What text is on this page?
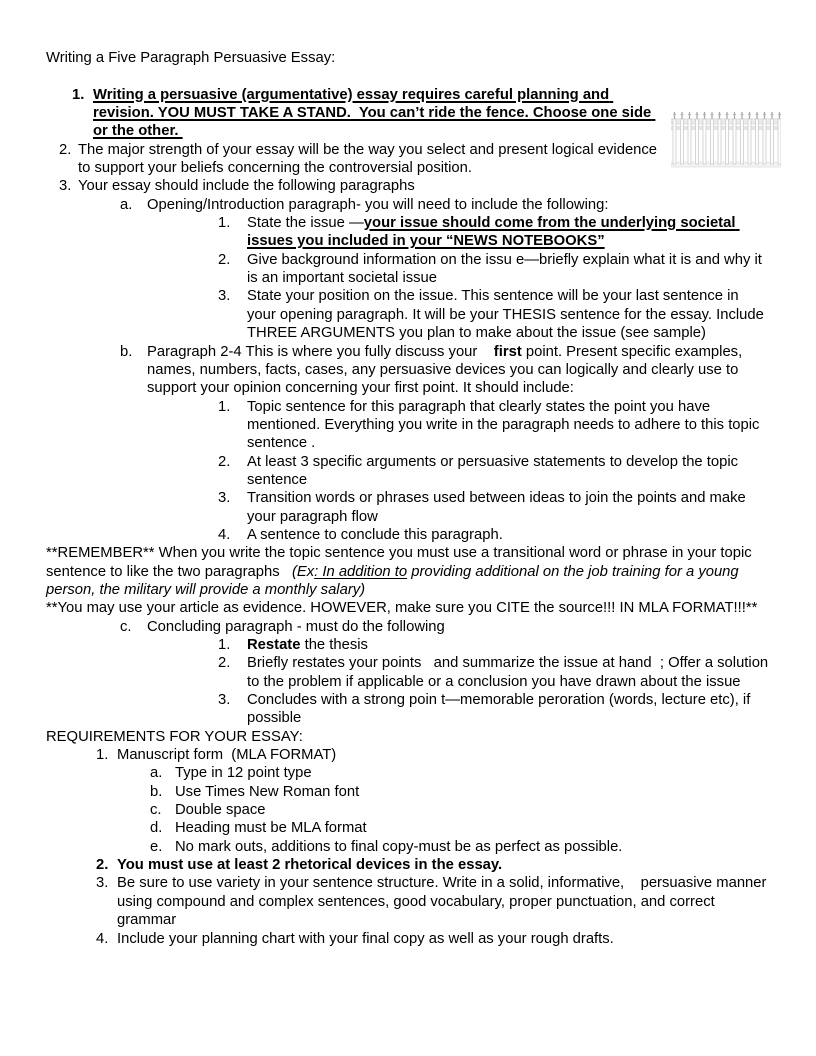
Writing a Five Paragraph Persuasive Essay:

1. Writing a persuasive (argumentative) essay requires careful planning and revision. YOU MUST TAKE A STAND.  You can’t ride the fence. Choose one side or the other.
2. The major strength of your essay will be the way you select and present logical evidence to support your beliefs concerning the controversial position.
3. Your essay should include the following paragraphs
a. Opening/Introduction paragraph- you will need to include the following:
1.	State the issue —your issue should come from the underlying societal issues you included in your “NEWS NOTEBOOKS”
2.	Give background information on the issu e—briefly explain what it is and why it is an important societal issue
3.	State your position on the issue. This sentence will be your last sentence in your opening paragraph. It will be your THESIS sentence for the essay. Include THREE ARGUMENTS you plan to make about the issue (see sample)
b. Paragraph 2-4 This is where you fully discuss your    first point. Present specific examples, names, numbers, facts, cases, any persuasive devices you can logically and clearly use to support your opinion concerning your first point. It should include:
1.	Topic sentence for this paragraph that clearly states the point you have mentioned. Everything you write in the paragraph needs to adhere to this topic sentence .
2.	At least 3 specific arguments or persuasive statements to develop the topic sentence
3.	Transition words or phrases used between ideas to join the points and make your paragraph flow
4.	A sentence to conclude this paragraph.

**REMEMBER** When you write the topic sentence you must use a transitional word or phrase in your topic sentence to like the two paragraphs   (Ex: In addition to providing additional on the job training for a young person, the military will provide a monthly salary)

**You may use your article as evidence. HOWEVER, make sure you CITE the source!!! IN MLA FORMAT!!!**

c.	Concluding paragraph - must do the following
1.	Restate the thesis
2.	Briefly restates your points   and summarize the issue at hand  ; Offer a solution to the problem if applicable or a conclusion you have drawn about the issue
3.	Concludes with a strong poin t—memorable peroration (words, lecture etc), if possible

REQUIREMENTS FOR YOUR ESSAY:

1. Manuscript form  (MLA FORMAT)
a. Type in 12 point type
b. Use Times New Roman font
c. Double space
d. Heading must be MLA format
e. No mark outs, additions to final copy-must be as perfect as possible.
2. You must use at least 2 rhetorical devices in the essay.
3. Be sure to use variety in your sentence structure. Write in a solid, informative,    persuasive manner using compound and complex sentences, good vocabulary, proper punctuation, and correct grammar
4. Include your planning chart with your final copy as well as your rough drafts.
